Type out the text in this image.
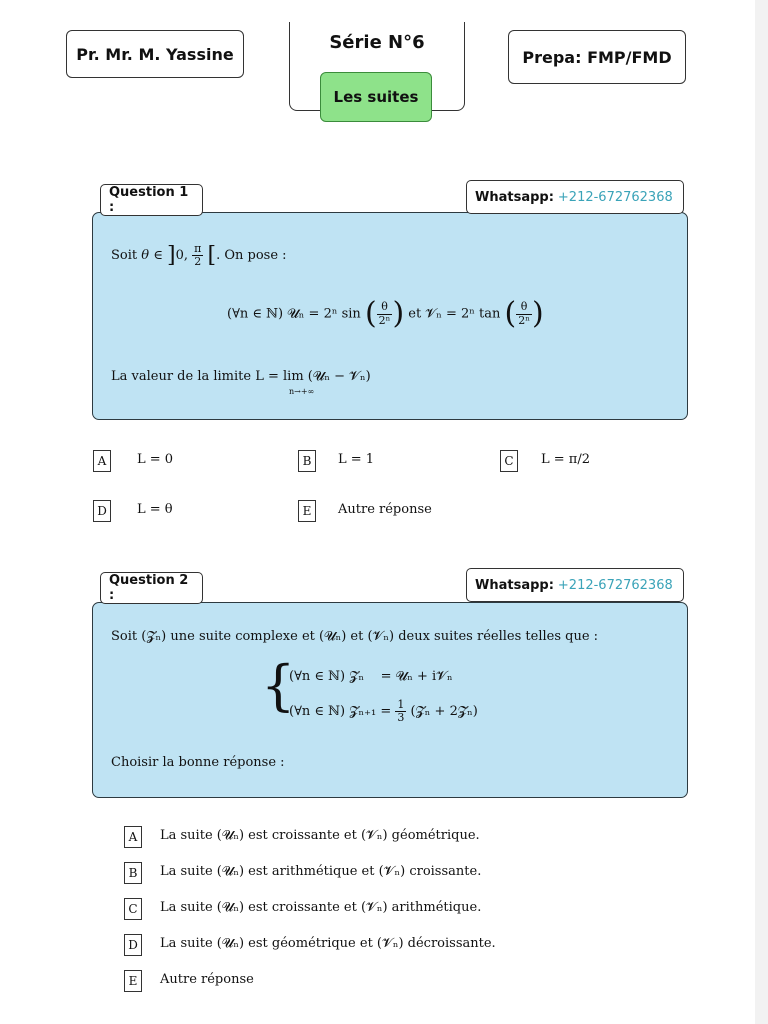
Pr. Mr. M. Yassine
Série N°6
Les suites
Prepa: FMP/FMD
Soit θ ∈ ]0, $\frac{\pi}{2}$ [. On pose :
(∀n ∈ ℕ) 𝓤ₙ = 2ⁿ sin ( $\frac{\theta}{\text{2ⁿ}}$ ) et 𝓥ₙ = 2ⁿ tan ( $\frac{\theta}{\text{2ⁿ}}$ )
La valeur de la limite L = lim (𝓤ₙ − 𝓥ₙ)
n→+∞
Question 1 :
Whatsapp: +212-672762368
A	L = 0	B	L = 1	C	L = π/2
D	L = θ	E	Autre réponse
Soit (𝓩ₙ) une suite complexe et (𝓤ₙ) et (𝓥ₙ) deux suites réelles telles que :
{
(∀n ∈ ℕ) 𝓩ₙ    = 𝓤ₙ + i𝓥ₙ
(∀n ∈ ℕ) 𝓩ₙ₊₁ = $\frac{1}{3}$ (𝓩ₙ + 2𝓩̄ₙ)
Choisir la bonne réponse :
Question 2 :
Whatsapp: +212-672762368
A	La suite (𝓤ₙ) est croissante et (𝓥ₙ) géométrique.
B	La suite (𝓤ₙ) est arithmétique et (𝓥ₙ) croissante.
C	La suite (𝓤ₙ) est croissante et (𝓥ₙ) arithmétique.
D	La suite (𝓤ₙ) est géométrique et (𝓥ₙ) décroissante.
E	Autre réponse
